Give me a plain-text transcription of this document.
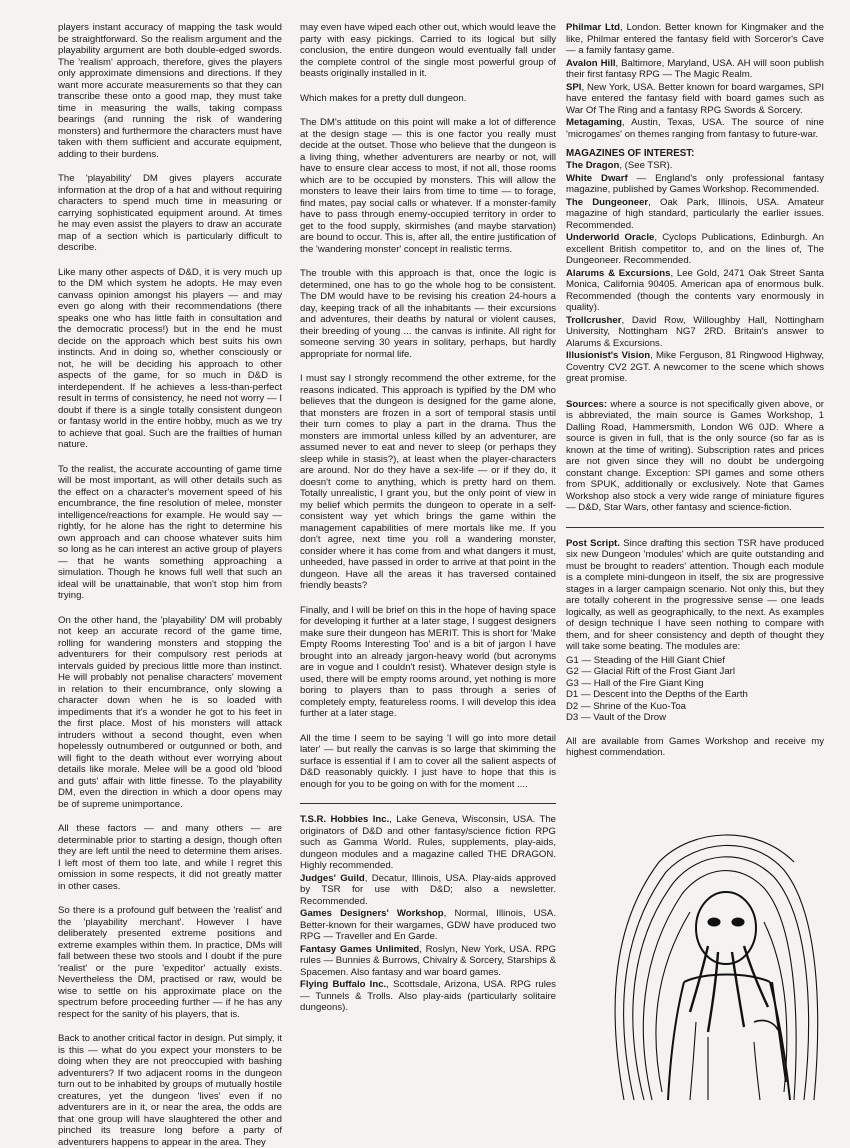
players instant accuracy of mapping the task would be straightforward. So the realism argument and the playability argument are both double-edged swords. The 'realism' approach, therefore, gives the players only approximate dimensions and directions. If they want more accurate measurements so that they can transcribe these onto a good map, they must take time in measuring the walls, taking compass bearings (and running the risk of wandering monsters) and furthermore the characters must have taken with them sufficient and accurate equipment, adding to their burdens.

The 'playability' DM gives players accurate information at the drop of a hat and without requiring characters to spend much time in measuring or carrying sophisticated equipment around. At times he may even assist the players to draw an accurate map of a section which is particularly difficult to describe.

Like many other aspects of D&D, it is very much up to the DM which system he adopts. He may even canvass opinion amongst his players — and may even go along with their recommendations (there speaks one who has little faith in consultation and the democratic process!) but in the end he must decide on the approach which best suits his own instincts. And in doing so, whether consciously or not, he will be deciding his approach to other aspects of the game, for so much in D&D is interdependent. If he achieves a less-than-perfect result in terms of consistency, he need not worry — I doubt if there is a single totally consistent dungeon or fantasy world in the entire hobby, much as we try to achieve that goal. Such are the frailties of human nature.

To the realist, the accurate accounting of game time will be most important, as will other details such as the effect on a character's movement speed of his encumbrance, the fine resolution of melee, monster intelligence/reactions for example. He would say — rightly, for he alone has the right to determine his own approach and can choose whatever suits him so long as he can interest an active group of players — that he wants something approaching a simulation. Though he knows full well that such an ideal will be unattainable, that won't stop him from trying.

On the other hand, the 'playability' DM will probably not keep an accurate record of the game time, rolling for wandering monsters and stopping the adventurers for their compulsory rest periods at intervals guided by precious little more than instinct. He will probably not penalise characters' movement in relation to their encumbrance, only slowing a character down when he is so loaded with impediments that it's a wonder he got to his feet in the first place. Most of his monsters will attack intruders without a second thought, even when hopelessly outnumbered or outgunned or both, and will fight to the death without ever worrying about details like morale. Melee will be a good old 'blood and guts' affair with little finesse. To the playability DM, even the direction in which a door opens may be of supreme unimportance.

All these factors — and many others — are determinable prior to starting a design, though often they are left until the need to determine them arises. I left most of them too late, and while I regret this omission in some respects, it did not greatly matter in other cases.

So there is a profound gulf between the 'realist' and the 'playability merchant'. However I have deliberately presented extreme positions and extreme examples within them. In practice, DMs will fall between these two stools and I doubt if the pure 'realist' or the pure 'expeditor' actually exists. Nevertheless the DM, practised or raw, would be wise to settle on his approximate place on the spectrum before proceeding further — if he has any respect for the sanity of his players, that is.

Back to another critical factor in design. Put simply, it is this — what do you expect your monsters to be doing when they are not preoccupied with bashing adventurers? If two adjacent rooms in the dungeon turn out to be inhabited by groups of mutually hostile creatures, yet the dungeon 'lives' even if no adventurers are in it, or near the area, the odds are that one group will have slaughtered the other and pinched its treasure long before a party of adventurers happens to appear in the area. They

may even have wiped each other out, which would leave the party with easy pickings. Carried to its logical but silly conclusion, the entire dungeon would eventually fall under the complete control of the single most powerful group of beasts originally installed in it.

Which makes for a pretty dull dungeon.

The DM's attitude on this point will make a lot of difference at the design stage — this is one factor you really must decide at the outset. Those who believe that the dungeon is a living thing, whether adventurers are nearby or not, will have to ensure clear access to most, if not all, those rooms which are to be occupied by monsters. This will allow the monsters to leave their lairs from time to time — to forage, find mates, pay social calls or whatever. If a monster-family have to pass through enemy-occupied territory in order to get to the food supply, skirmishes (and maybe starvation) are bound to occur. This is, after all, the entire justification of the 'wandering monster' concept in realistic terms.

The trouble with this approach is that, once the logic is determined, one has to go the whole hog to be consistent. The DM would have to be revising his creation 24-hours a day, keeping track of all the inhabitants — their excursions and adventures, their deaths by natural or violent causes, their breeding of young ... the canvas is infinite. All right for someone serving 30 years in solitary, perhaps, but hardly appropriate for normal life.

I must say I strongly recommend the other extreme, for the reasons indicated. This approach is typified by the DM who believes that the dungeon is designed for the game alone, that monsters are frozen in a sort of temporal stasis until their turn comes to play a part in the drama. Thus the monsters are immortal unless killed by an adventurer, are assumed never to eat and never to sleep (or perhaps they sleep while in stasis?), at least when the player-characters are around. Nor do they have a sex-life — or if they do, it doesn't come to anything, which is pretty hard on them. Totally unrealistic, I grant you, but the only point of view in my belief which permits the dungeon to operate in a self-consistent way yet which brings the game within the management capabilities of mere mortals like me. If you don't agree, next time you roll a wandering monster, consider where it has come from and what dangers it must, unheeded, have passed in order to arrive at that point in the dungeon. Have all the areas it has traversed contained friendly beasts?

Finally, and I will be brief on this in the hope of having space for developing it further at a later stage, I suggest designers make sure their dungeon has MERIT. This is short for 'Make Empty Rooms Interesting Too' and is a bit of jargon I have brought into an already jargon-heavy world (but acronyms are in vogue and I couldn't resist). Whatever design style is used, there will be empty rooms around, yet nothing is more boring to players than to pass through a series of completely empty, featureless rooms. I will develop this idea further at a later stage.

All the time I seem to be saying 'I will go into more detail later' — but really the canvas is so large that skimming the surface is essential if I am to cover all the salient aspects of D&D reasonably quickly. I just have to hope that this is enough for you to be going on with for the moment ....

T.S.R. Hobbies Inc., Lake Geneva, Wisconsin, USA. The originators of D&D and other fantasy/science fiction RPG such as Gamma World. Rules, supplements, play-aids, dungeon modules and a magazine called THE DRAGON. Highly recommended.

Judges' Guild, Decatur, Illinois, USA. Play-aids approved by TSR for use with D&D; also a newsletter. Recommended.

Games Designers' Workshop, Normal, Illinois, USA. Better-known for their wargames, GDW have produced two RPG — Traveller and En Garde.

Fantasy Games Unlimited, Roslyn, New York, USA. RPG rules — Bunnies & Burrows, Chivalry & Sorcery, Starships & Spacemen. Also fantasy and war board games.

Flying Buffalo Inc., Scottsdale, Arizona, USA. RPG rules — Tunnels & Trolls. Also play-aids (particularly solitaire dungeons).

Philmar Ltd, London. Better known for Kingmaker and the like, Philmar entered the fantasy field with Sorceror's Cave — a family fantasy game.

Avalon Hill, Baltimore, Maryland, USA. AH will soon publish their first fantasy RPG — The Magic Realm.

SPI, New York, USA. Better known for board wargames, SPI have entered the fantasy field with board games such as War Of The Ring and a fantasy RPG Swords & Sorcery.

Metagaming, Austin, Texas, USA. The source of nine 'microgames' on themes ranging from fantasy to future-war.

MAGAZINES OF INTEREST:

The Dragon, (See TSR).

White Dwarf — England's only professional fantasy magazine, published by Games Workshop. Recommended.

The Dungeoneer, Oak Park, Illinois, USA. Amateur magazine of high standard, particularly the earlier issues. Recommended.

Underworld Oracle, Cyclops Publications, Edinburgh. An excellent British competitor to, and on the lines of, The Dungeoneer. Recommended.

Alarums & Excursions, Lee Gold, 2471 Oak Street Santa Monica, California 90405. American apa of enormous bulk. Recommended (though the contents vary enormously in quality).

Trollcrusher, David Row, Willoughby Hall, Nottingham University, Nottingham NG7 2RD. Britain's answer to Alarums & Excursions.

Illusionist's Vision, Mike Ferguson, 81 Ringwood Highway, Coventry CV2 2GT. A newcomer to the scene which shows great promise.

Sources: where a source is not specifically given above, or is abbreviated, the main source is Games Workshop, 1 Dalling Road, Hammersmith, London W6 0JD. Where a source is given in full, that is the only source (so far as is known at the time of writing). Subscription rates and prices are not given since they will no doubt be undergoing constant change. Exception: SPI games and some others from SPUK, additionally or exclusively. Note that Games Workshop also stock a very wide range of miniature figures — D&D, Star Wars, other fantasy and science-fiction.

Post Script. Since drafting this section TSR have produced six new Dungeon 'modules' which are quite outstanding and must be brought to readers' attention. Though each module is a complete mini-dungeon in itself, the six are progressive stages in a larger campaign scenario. Not only this, but they are totally coherent in the progressive sense — one leads logically, as well as geographically, to the next. As examples of design technique I have seen nothing to compare with them, and for sheer consistency and depth of thought they will take some beating. The modules are:

G1 — Steading of the Hill Giant Chief
G2 — Glacial Rift of the Frost Giant Jarl
G3 — Hall of the Fire Giant King
D1 — Descent into the Depths of the Earth
D2 — Shrine of the Kuo-Toa
D3 — Vault of the Drow

All are available from Games Workshop and receive my highest commendation.
